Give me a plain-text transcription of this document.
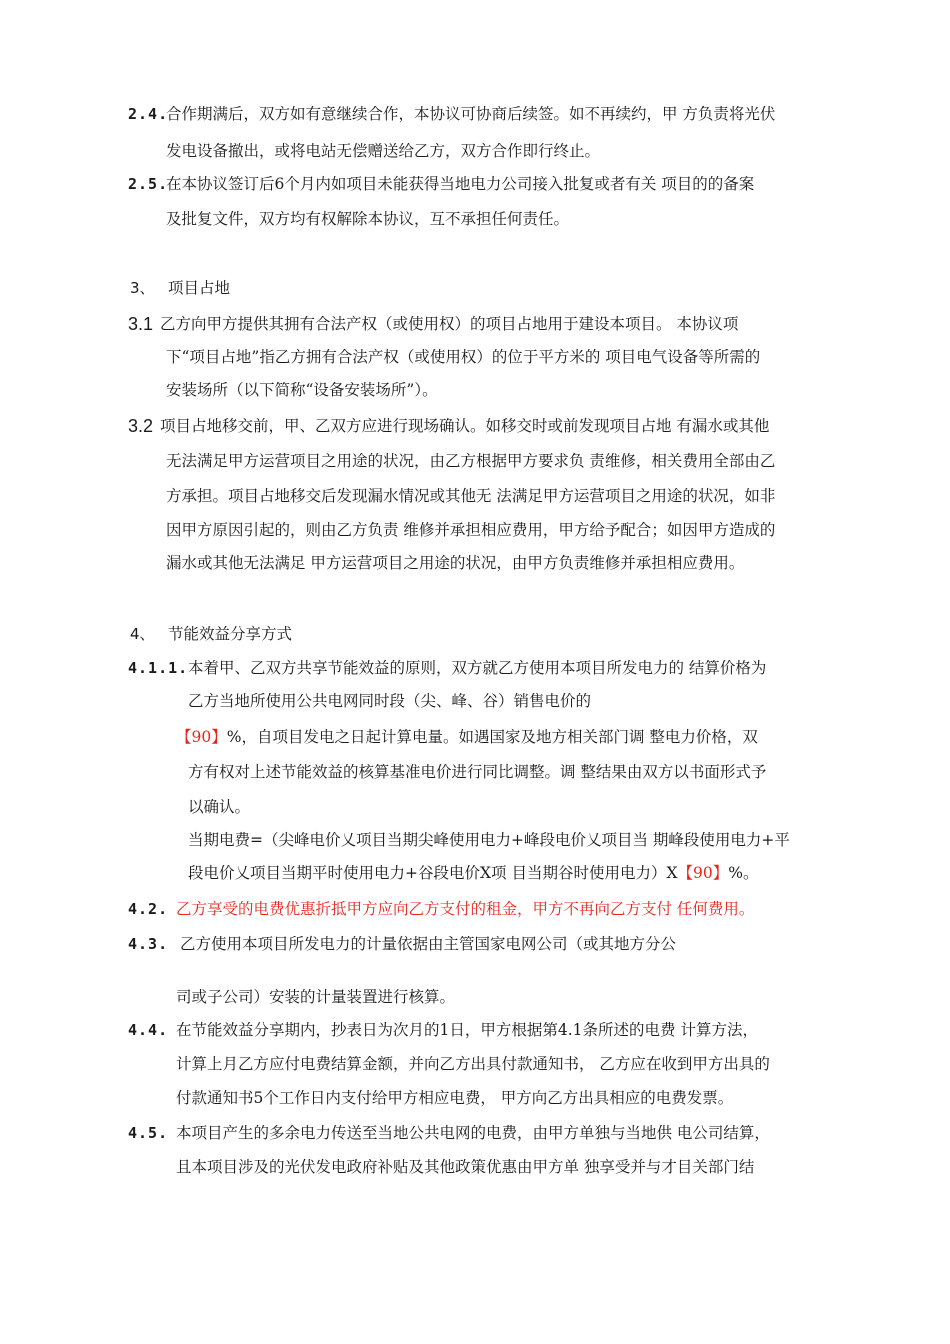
2.4.
合作期满后，双方如有意继续合作，本协议可协商后续签。如不再续约，甲 方负责将光伏
发电设备撤出，或将电站无偿赠送给乙方，双方合作即行终止。
2.5.
在本协议签订后6个月内如项目未能获得当地电力公司接入批复或者有关 项目的的备案
及批复文件，双方均有权解除本协议，互不承担任何责任。
3、 项目占地
3.1 乙方向甲方提供其拥有合法产权（或使用权）的项目占地用于建设本项目。 本协议项
下“项目占地”指乙方拥有合法产权（或使用权）的位于平方米的 项目电气设备等所需的
安装场所（以下简称“设备安装场所”）。
3.2 项目占地移交前，甲、乙双方应进行现场确认。如移交时或前发现项目占地 有漏水或其他
无法满足甲方运营项目之用途的状况，由乙方根据甲方要求负 责维修，相关费用全部由乙
方承担。项目占地移交后发现漏水情况或其他无 法满足甲方运营项目之用途的状况，如非
因甲方原因引起的，则由乙方负责 维修并承担相应费用，甲方给予配合；如因甲方造成的
漏水或其他无法满足 甲方运营项目之用途的状况，由甲方负责维修并承担相应费用。
4、 节能效益分享方式
4.1.1. 本着甲、乙双方共享节能效益的原则，双方就乙方使用本项目所发电力的 结算价格为
乙方当地所使用公共电网同时段（尖、峰、谷）销售电价的
【90】%，自项目发电之日起计算电量。如遇国家及地方相关部门调 整电力价格，双
方有权对上述节能效益的核算基准电价进行同比调整。调 整结果由双方以书面形式予
以确认。
当期电费=（尖峰电价乂项目当期尖峰使用电力+峰段电价乂项目当 期峰段使用电力+平
段电价乂项目当期平时使用电力+谷段电价X项 目当期谷时使用电力）X【90】%。
4.2. 乙方享受的电费优惠折抵甲方应向乙方支付的租金，甲方不再向乙方支付 任何费用。
4.3. 乙方使用本项目所发电力的计量依据由主管国家电网公司（或其地方分公
司或子公司）安装的计量装置进行核算。
4.4. 在节能效益分享期内，抄表日为次月的1日，甲方根据第4.1条所述的电费 计算方法，
计算上月乙方应付电费结算金额，并向乙方出具付款通知书， 乙方应在收到甲方出具的
付款通知书5个工作日内支付给甲方相应电费， 甲方向乙方出具相应的电费发票。
4.5. 本项目产生的多余电力传送至当地公共电网的电费，由甲方单独与当地供 电公司结算，
且本项目涉及的光伏发电政府补贴及其他政策优惠由甲方单 独享受并与才目关部门结
